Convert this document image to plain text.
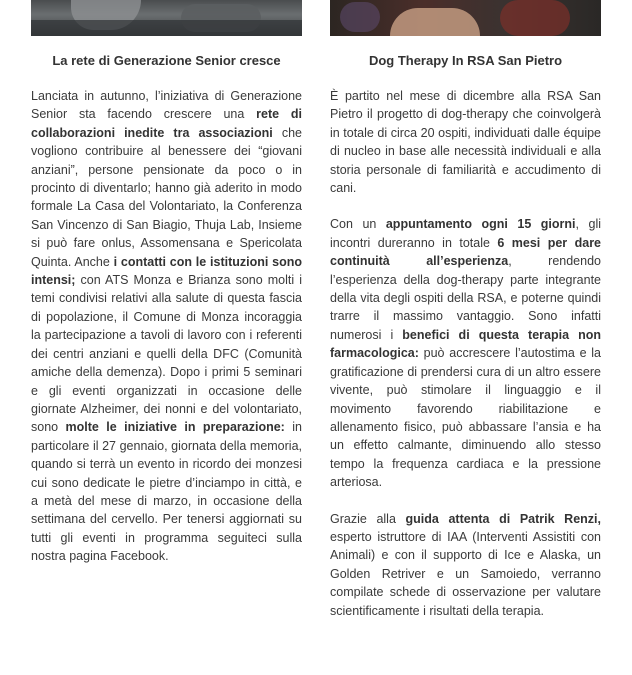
La rete di Generazione Senior cresce

Lanciata in autunno, l’iniziativa di Generazione Senior sta facendo crescere una rete di collaborazioni inedite tra associazioni che vogliono contribuire al benessere dei “giovani anziani”, persone pensionate da poco o in procinto di diventarlo; hanno già aderito in modo formale La Casa del Volontariato, la Conferenza San Vincenzo di San Biagio, Thuja Lab, Insieme si può fare onlus, Assomensana e Spericolata Quinta. Anche i contatti con le istituzioni sono intensi; con ATS Monza e Brianza sono molti i temi condivisi relativi alla salute di questa fascia di popolazione, il Comune di Monza incoraggia la partecipazione a tavoli di lavoro con i referenti dei centri anziani e quelli della DFC (Comunità amiche della demenza). Dopo i primi 5 seminari e gli eventi organizzati in occasione delle giornate Alzheimer, dei nonni e del volontariato, sono molte le iniziative in preparazione: in particolare il 27 gennaio, giornata della memoria, quando si terrà un evento in ricordo dei monzesi cui sono dedicate le pietre d’inciampo in città, e a metà del mese di marzo, in occasione della settimana del cervello. Per tenersi aggiornati su tutti gli eventi in programma seguiteci sulla nostra pagina Facebook.

Dog Therapy In RSA San Pietro

È partito nel mese di dicembre alla RSA San Pietro il progetto di dog-therapy che coinvolgerà in totale di circa 20 ospiti, individuati dalle équipe di nucleo in base alle necessità individuali e alla storia personale di familiarità e accudimento di cani.

Con un appuntamento ogni 15 giorni, gli incontri dureranno in totale 6 mesi per dare continuità all’esperienza, rendendo l’esperienza della dog-therapy parte integrante della vita degli ospiti della RSA, e poterne quindi trarre il massimo vantaggio. Sono infatti numerosi i benefici di questa terapia non farmacologica: può accrescere l’autostima e la gratificazione di prendersi cura di un altro essere vivente, può stimolare il linguaggio e il movimento favorendo riabilitazione e allenamento fisico, può abbassare l’ansia e ha un effetto calmante, diminuendo allo stesso tempo la frequenza cardiaca e la pressione arteriosa.

Grazie alla guida attenta di Patrik Renzi, esperto istruttore di IAA (Interventi Assistiti con Animali) e con il supporto di Ice e Alaska, un Golden Retriver e un Samoiedo, verranno compilate schede di osservazione per valutare scientificamente i risultati della terapia.
